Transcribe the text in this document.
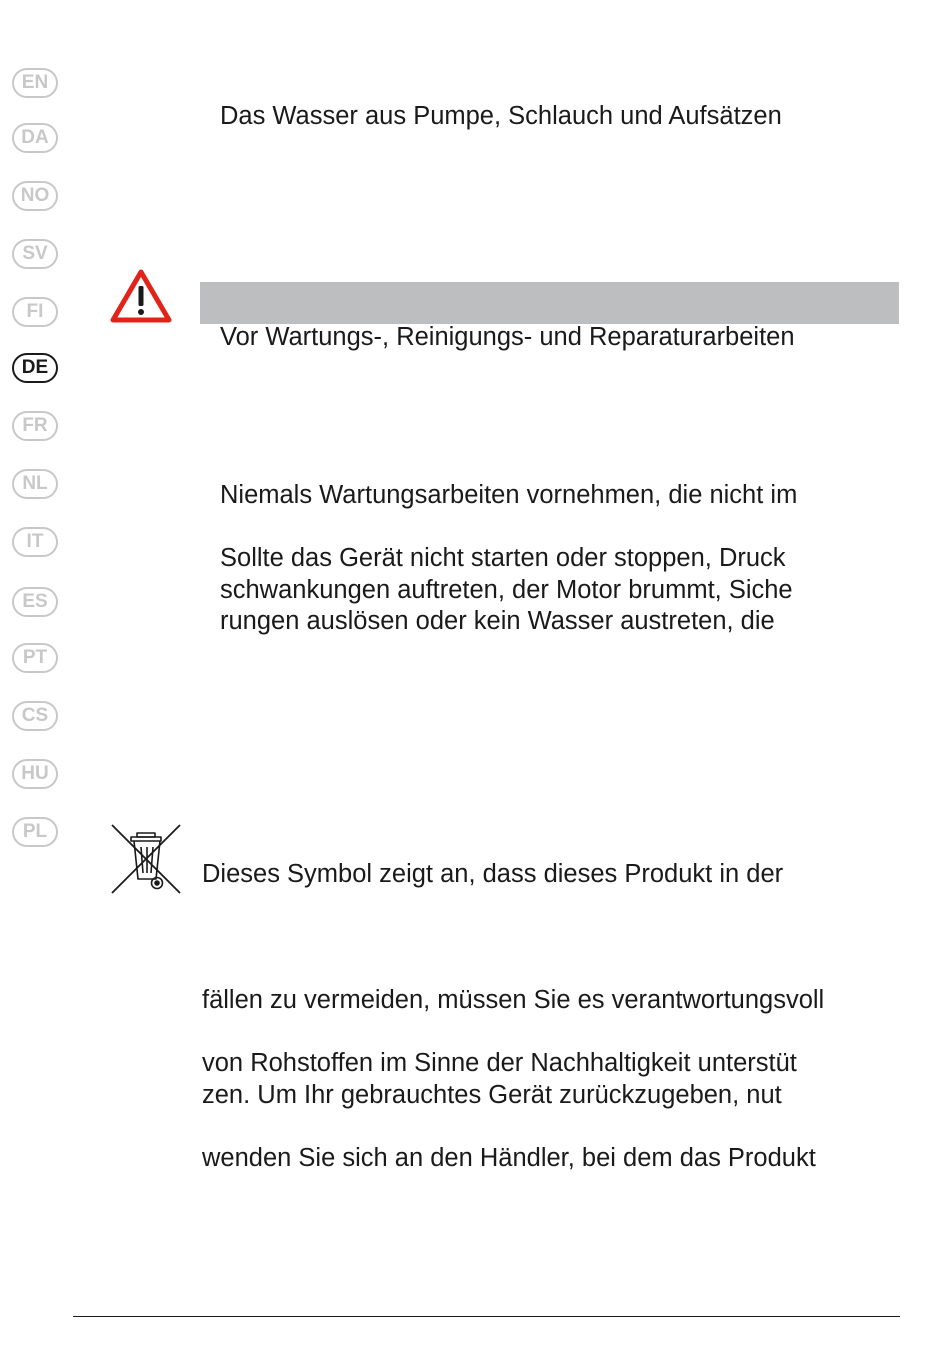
EN
DA
NO
SV
FI
DE
FR
NL
IT
ES
PT
CS
HU
PL

Das Wasser aus Pumpe, Schlauch und Aufsätzen

Vor Wartungs-, Reinigungs- und Reparaturarbeiten

Niemals Wartungsarbeiten vornehmen, die nicht im

Sollte das Gerät nicht starten oder stoppen, Druck
schwankungen auftreten, der Motor brummt, Siche
rungen auslösen oder kein Wasser austreten, die

Dieses Symbol zeigt an, dass dieses Produkt in der

fällen zu vermeiden, müssen Sie es verantwortungsvoll

von Rohstoffen im Sinne der Nachhaltigkeit unterstüt
zen. Um Ihr gebrauchtes Gerät zurückzugeben, nut

wenden Sie sich an den Händler, bei dem das Produkt
